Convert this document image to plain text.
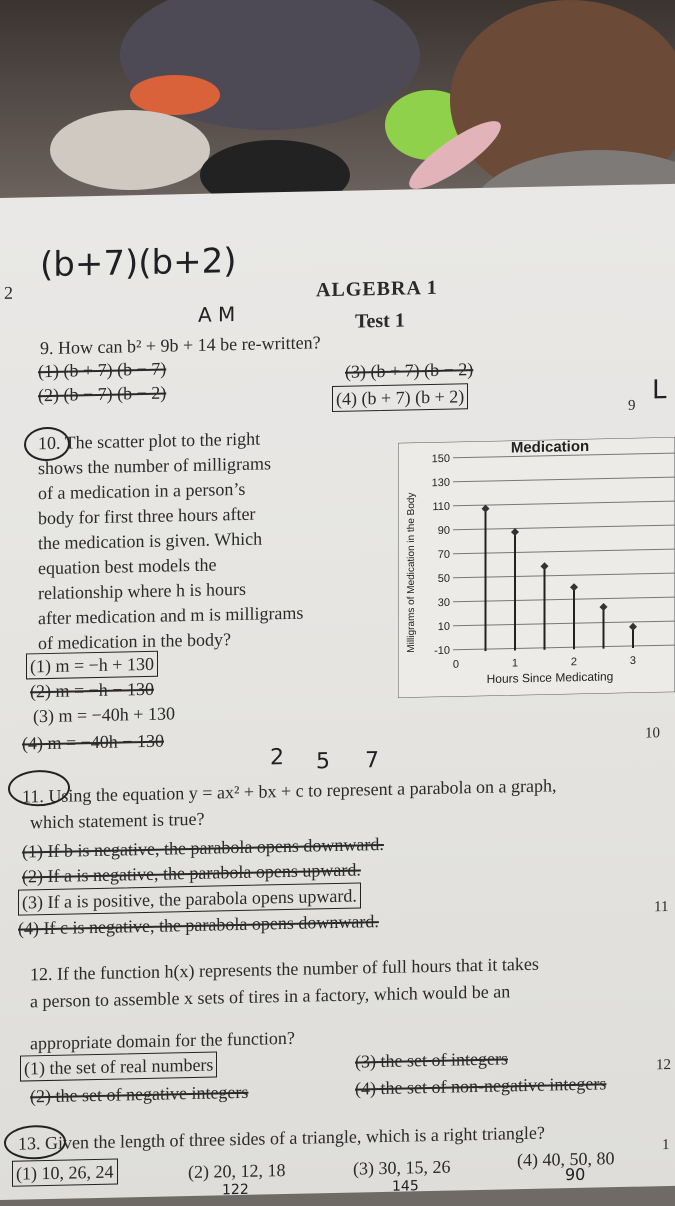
2
(b+7)(b+2)
ALGEBRA 1
A M	Test 1
9. How can b² + 9b + 14 be re-written?
(1) (b + 7) (b − 7)
(2) (b − 7) (b − 2)
(3) (b + 7) (b − 2)
(4) (b + 7) (b + 2)	9
L
10. The scatter plot to the right
shows the number of milligrams
of a medication in a person’s
body for first three hours after
the medication is given. Which
equation best models the
relationship where h is hours
after medication and m is milligrams
of medication in the body?
(1) m = −h + 130
(2) m = −h − 130
(3) m = −40h + 130
(4) m = −40h − 130	10
2 5 7
11. Using the equation y = ax² + bx + c to represent a parabola on a graph,
which statement is true?
(1) If b is negative, the parabola opens downward.
(2) If a is negative, the parabola opens upward.
(3) If a is positive, the parabola opens upward.
(4) If c is negative, the parabola opens downward.
11
12. If the function h(x) represents the number of full hours that it takes
a person to assemble x sets of tires in a factory, which would be an
appropriate domain for the function?
(1) the set of real numbers
(2) the set of negative integers
(3) the set of integers
(4) the set of non-negative integers
12
13. Given the length of three sides of a triangle, which is a right triangle?
(1) 10, 26, 24	(2) 20, 12, 18	(3) 30, 15, 26	(4) 40, 50, 80
1
122	145
90
Medication
Hours Since Medicating
Milligrams of Medication in the Body
150
130
110
90
70
50
30
10
-10
0	1	2	3
